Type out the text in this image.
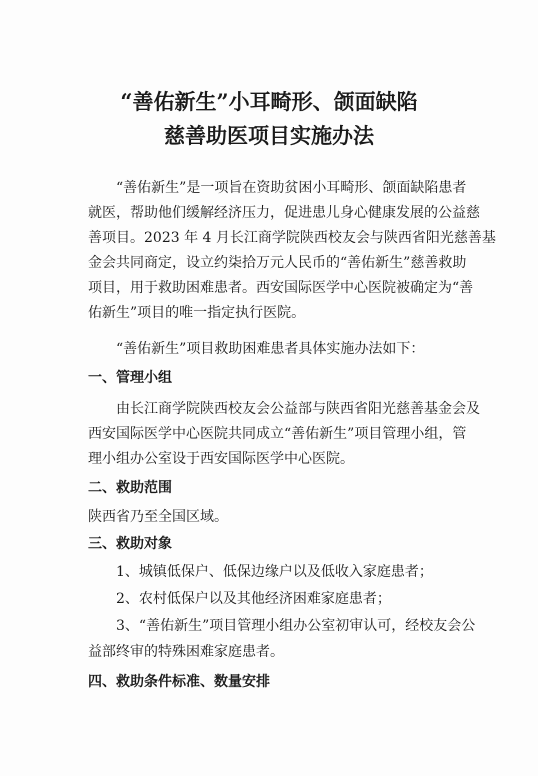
“善佑新生”小耳畸形、颌面缺陷
慈善助医项目实施办法
“善佑新生”是一项旨在资助贫困小耳畸形、颌面缺陷患者
就医，帮助他们缓解经济压力，促进患儿身心健康发展的公益慈
善项目。2023 年 4 月长江商学院陕西校友会与陕西省阳光慈善基
金会共同商定，设立约柒拾万元人民币的“善佑新生”慈善救助
项目，用于救助困难患者。西安国际医学中心医院被确定为“善
佑新生”项目的唯一指定执行医院。
“善佑新生”项目救助困难患者具体实施办法如下：
一、管理小组
由长江商学院陕西校友会公益部与陕西省阳光慈善基金会及
西安国际医学中心医院共同成立“善佑新生”项目管理小组，管
理小组办公室设于西安国际医学中心医院。
二、救助范围
陕西省乃至全国区域。
三、救助对象
1、城镇低保户、低保边缘户以及低收入家庭患者；
2、农村低保户以及其他经济困难家庭患者；
3、“善佑新生”项目管理小组办公室初审认可，经校友会公
益部终审的特殊困难家庭患者。
四、救助条件标准、数量安排
